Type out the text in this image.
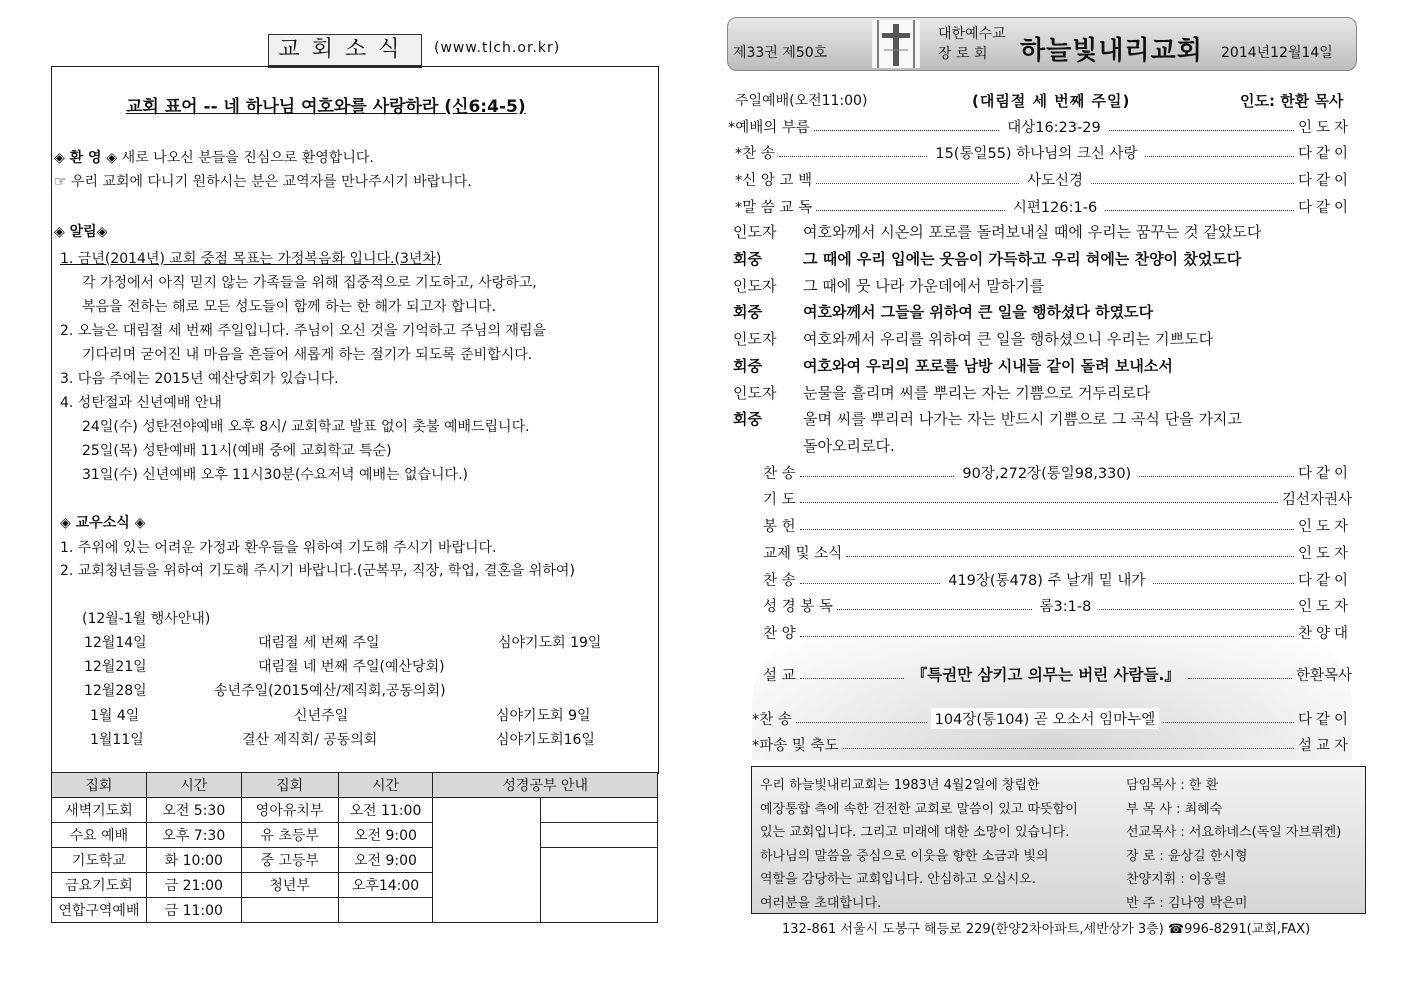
교회소식	(www.tlch.or.kr)
교회 표어 -- 네 하나님 여호와를 사랑하라 (신6:4-5)
◈ 환 영 ◈ 새로 나오신 분들을 진심으로 환영합니다.
☞ 우리 교회에 다니기 원하시는 분은 교역자를 만나주시기 바랍니다.
◈ 알림◈
1. 금년(2014년) 교회 중점 목표는 가정복음화 입니다.(3년차)
각 가정에서 아직 믿지 않는 가족들을 위해 집중적으로 기도하고, 사랑하고,
복음을 전하는 해로 모든 성도들이 함께 하는 한 해가 되고자 합니다.
2. 오늘은 대림절 세 번째 주일입니다. 주님이 오신 것을 기억하고 주님의 재림을
기다리며 굳어진 내 마음을 흔들어 새롭게 하는 절기가 되도록 준비합시다.
3. 다음 주에는 2015년 예산당회가 있습니다.
4. 성탄절과 신년예배 안내
24일(수) 성탄전야예배 오후 8시/ 교회학교 발표 없이 촛불 예배드립니다.
25일(목) 성탄예배 11시(예배 중에 교회학교 특순)
31일(수) 신년예배 오후 11시30분(수요저녁 예배는 없습니다.)
◈ 교우소식 ◈
1. 주위에 있는 어려운 가정과 환우들을 위하여 기도해 주시기 바랍니다.
2. 교회청년들을 위하여 기도해 주시기 바랍니다.(군복무, 직장, 학업, 결혼을 위하여)
(12월-1월 행사안내)
12월14일	대림절 세 번째 주일	심야기도회 19일
12월21일	대림절 네 번째 주일(예산당회)
12월28일	송년주일(2015예산/제직회,공동의회)
1월 4일	신년주일	심야기도회 9일
1월11일	결산 제직회/ 공동의회	심야기도회16일
집회	시간	집회	시간	성경공부 안내	
새벽기도회	오전 5:30	영아유치부	오전 11:00		
수요 예배	오후 7:30	유 초등부	오전 9:00		
기도학교	화 10:00	중 고등부	오전 9:00		
금요기도회	금 21:00	청년부	오후14:00		
연합구역예배	금 11:00				
제33권 제50호
대한예수교
장 로 회	하늘빛내리교회 2014년12월14일
주일예배(오전11:00)	(대림절 세 번째 주일)	인도: 한환 목사
*예배의 부름	대상16:23-29	인도자
*찬 송	15(통일55) 하나님의 크신 사랑	다같이
*신 앙 고 백	사도신경	다같이
*말 씀 교 독	시편126:1-6	다같이
인도자 여호와께서 시온의 포로를 돌려보내실 때에 우리는 꿈꾸는 것 같았도다
회중	그 때에 우리 입에는 웃음이 가득하고 우리 혀에는 찬양이 찼었도다
인도자 그 때에 뭇 나라 가운데에서 말하기를
회중	여호와께서 그들을 위하여 큰 일을 행하셨다 하였도다
인도자 여호와께서 우리를 위하여 큰 일을 행하셨으니 우리는 기쁘도다
회중	여호와여 우리의 포로를 남방 시내들 같이 돌려 보내소서
인도자 눈물을 흘리며 씨를 뿌리는 자는 기쁨으로 거두리로다
회중	울며 씨를 뿌리러 나가는 자는 반드시 기쁨으로 그 곡식 단을 가지고
돌아오리로다.
찬 송	90장,272장(통일98,330)	다같이
기 도	김선자권사
봉 헌	인도자
교제 및 소식	인도자
찬 송	419장(통478) 주 날개 밑 내가	다같이
성 경 봉 독	롬3:1-8	인도자
찬 양	찬양대
설 교	『특권만 삼키고 의무는 버린 사람들.』	한환목사
*찬 송	104장(통104) 곧 오소서 임마누엘	다같이
*파송 및 축도	설교자
우리 하늘빛내리교회는 1983년 4월2일에 창립한
예장통합 측에 속한 건전한 교회로 말씀이 있고 따뜻함이
있는 교회입니다. 그리고 미래에 대한 소망이 있습니다.
하나님의 말씀을 중심으로 이웃을 향한 소금과 빛의
역할을 감당하는 교회입니다. 안심하고 오십시오.
여러분을 초대합니다.
담임목사 : 한 환
부 목 사 : 최혜숙
선교목사 : 서요하네스(독일 자브뤼켄)
장 로 : 윤상길 한시형
찬양지휘 : 이웅렬
반 주 : 김나영 박은미
132-861 서울시 도봉구 해등로 229(한양2차아파트,세반상가 3층) ☎996-8291(교회,FAX)
